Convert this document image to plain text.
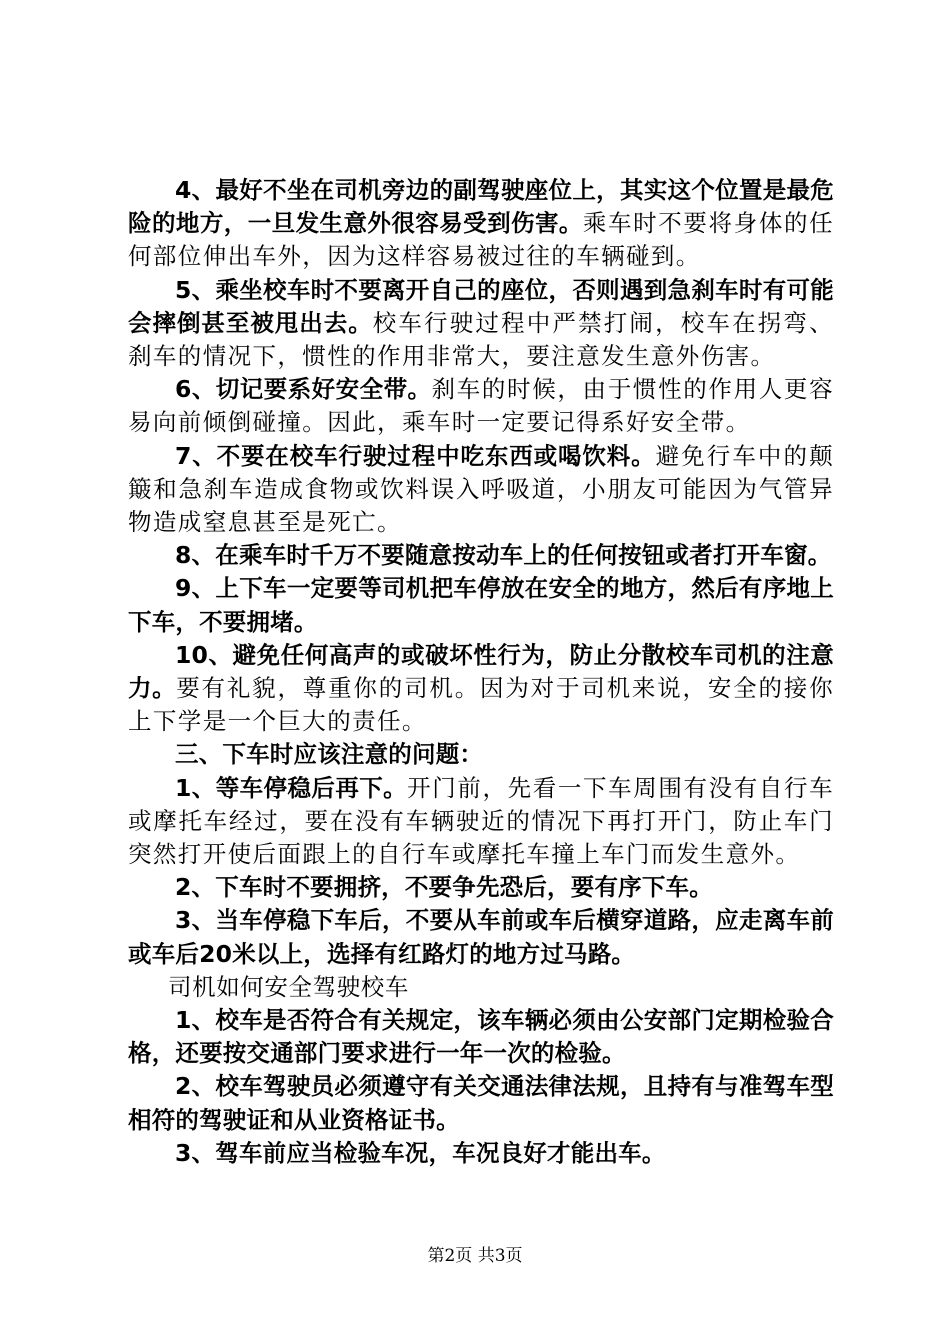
4、最好不坐在司机旁边的副驾驶座位上，其实这个位置是最危险的地方，一旦发生意外很容易受到伤害。乘车时不要将身体的任何部位伸出车外，因为这样容易被过往的车辆碰到。

5、乘坐校车时不要离开自己的座位，否则遇到急刹车时有可能会摔倒甚至被甩出去。校车行驶过程中严禁打闹，校车在拐弯、刹车的情况下，惯性的作用非常大，要注意发生意外伤害。

6、切记要系好安全带。刹车的时候，由于惯性的作用人更容易向前倾倒碰撞。因此，乘车时一定要记得系好安全带。

7、不要在校车行驶过程中吃东西或喝饮料。避免行车中的颠簸和急刹车造成食物或饮料误入呼吸道，小朋友可能因为气管异物造成窒息甚至是死亡。

8、在乘车时千万不要随意按动车上的任何按钮或者打开车窗。

9、上下车一定要等司机把车停放在安全的地方，然后有序地上下车，不要拥堵。

10、避免任何高声的或破坏性行为，防止分散校车司机的注意力。要有礼貌，尊重你的司机。因为对于司机来说，安全的接你上下学是一个巨大的责任。

三、下车时应该注意的问题：

1、等车停稳后再下。开门前，先看一下车周围有没有自行车或摩托车经过，要在没有车辆驶近的情况下再打开门，防止车门突然打开使后面跟上的自行车或摩托车撞上车门而发生意外。

2、下车时不要拥挤，不要争先恐后，要有序下车。

3、当车停稳下车后，不要从车前或车后横穿道路，应走离车前或车后20米以上，选择有红路灯的地方过马路。

司机如何安全驾驶校车

1、校车是否符合有关规定，该车辆必须由公安部门定期检验合格，还要按交通部门要求进行一年一次的检验。

2、校车驾驶员必须遵守有关交通法律法规，且持有与准驾车型相符的驾驶证和从业资格证书。

3、驾车前应当检验车况，车况良好才能出车。

第2页 共3页
